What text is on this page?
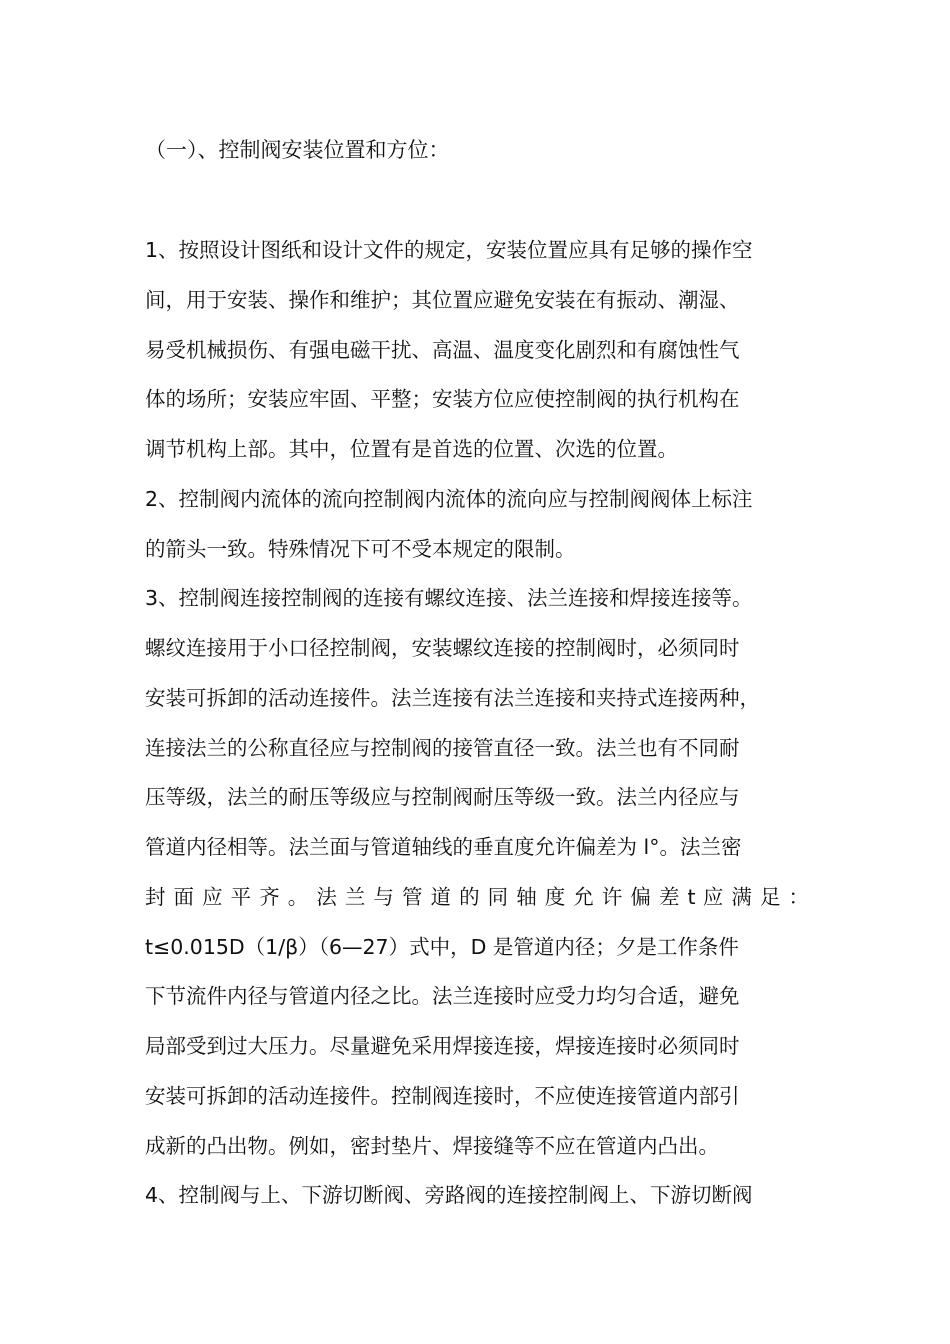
（一）、控制阀安装位置和方位：
1、按照设计图纸和设计文件的规定，安装位置应具有足够的操作空
间，用于安装、操作和维护；其位置应避免安装在有振动、潮湿、
易受机械损伤、有强电磁干扰、高温、温度变化剧烈和有腐蚀性气
体的场所；安装应牢固、平整；安装方位应使控制阀的执行机构在
调节机构上部。其中，位置有是首选的位置、次选的位置。
2、控制阀内流体的流向控制阀内流体的流向应与控制阀阀体上标注
的箭头一致。特殊情况下可不受本规定的限制。
3、控制阀连接控制阀的连接有螺纹连接、法兰连接和焊接连接等。
螺纹连接用于小口径控制阀，安装螺纹连接的控制阀时，必须同时
安装可拆卸的活动连接件。法兰连接有法兰连接和夹持式连接两种，
连接法兰的公称直径应与控制阀的接管直径一致。法兰也有不同耐
压等级，法兰的耐压等级应与控制阀耐压等级一致。法兰内径应与
管道内径相等。法兰面与管道轴线的垂直度允许偏差为 l°。法兰密
封 面 应 平 齐 。 法 兰 与 管 道 的 同 轴 度 允 许 偏 差 t 应 满 足 ：
t≤0.015D（1/β）（6—27）式中，D 是管道内径；夕是工作条件
下节流件内径与管道内径之比。法兰连接时应受力均匀合适，避免
局部受到过大压力。尽量避免采用焊接连接，焊接连接时必须同时
安装可拆卸的活动连接件。控制阀连接时，不应使连接管道内部引
成新的凸出物。例如，密封垫片、焊接缝等不应在管道内凸出。
4、控制阀与上、下游切断阀、旁路阀的连接控制阀上、下游切断阀
